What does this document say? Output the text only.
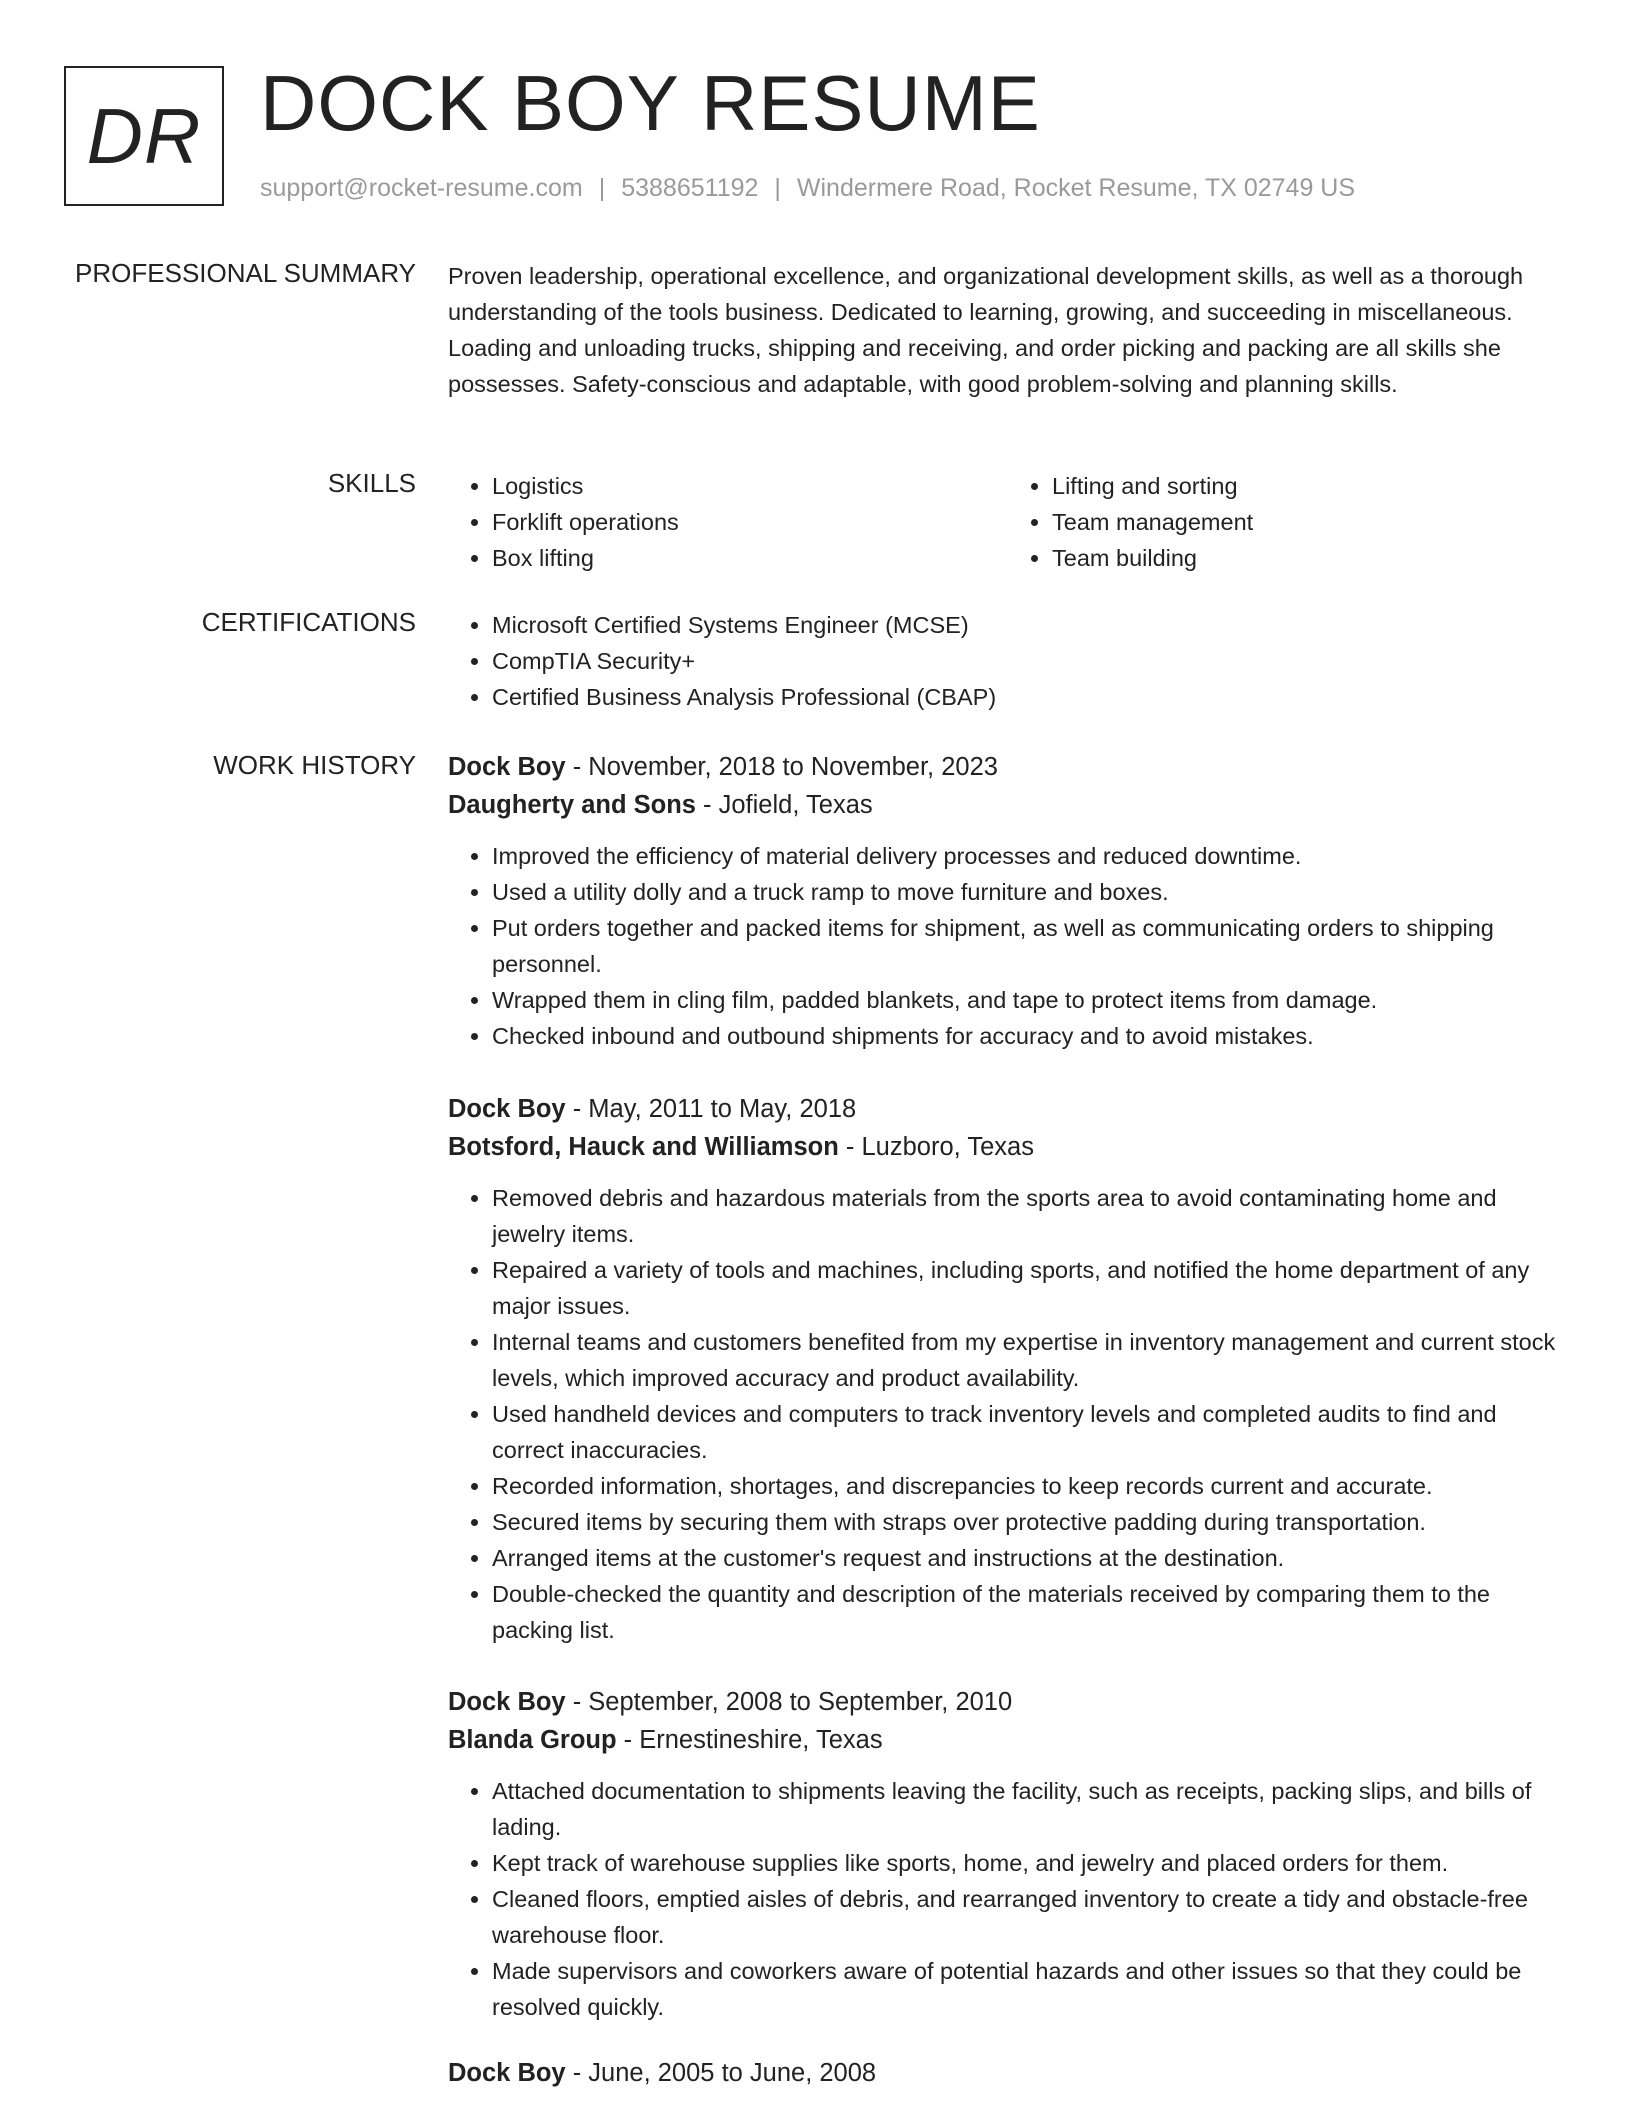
DR DOCK BOY RESUME
support@rocket-resume.com | 5388651192 | Windermere Road, Rocket Resume, TX 02749 US
PROFESSIONAL SUMMARY Proven leadership, operational excellence, and organizational development skills, as well as a thorough understanding of the tools business. Dedicated to learning, growing, and succeeding in miscellaneous. Loading and unloading trucks, shipping and receiving, and order picking and packing are all skills she possesses. Safety-conscious and adaptable, with good problem-solving and planning skills.

SKILLS	• Logistics
• Forklift operations
• Box lifting
• Lifting and sorting
• Team management
• Team building
CERTIFICATIONS	• Microsoft Certified Systems Engineer (MCSE)
• CompTIA Security+
• Certified Business Analysis Professional (CBAP)
WORK HISTORY Dock Boy - November, 2018 to November, 2023
Daugherty and Sons - Jofield, Texas
• Improved the efficiency of material delivery processes and reduced downtime.
• Used a utility dolly and a truck ramp to move furniture and boxes.
• Put orders together and packed items for shipment, as well as communicating orders to shipping personnel.
• Wrapped them in cling film, padded blankets, and tape to protect items from damage.
• Checked inbound and outbound shipments for accuracy and to avoid mistakes.
Dock Boy - May, 2011 to May, 2018
Botsford, Hauck and Williamson - Luzboro, Texas
• Removed debris and hazardous materials from the sports area to avoid contaminating home and jewelry items.
• Repaired a variety of tools and machines, including sports, and notified the home department of any major issues.
• Internal teams and customers benefited from my expertise in inventory management and current stock levels, which improved accuracy and product availability.
• Used handheld devices and computers to track inventory levels and completed audits to find and correct inaccuracies.
• Recorded information, shortages, and discrepancies to keep records current and accurate.
• Secured items by securing them with straps over protective padding during transportation.
• Arranged items at the customer's request and instructions at the destination.
• Double-checked the quantity and description of the materials received by comparing them to the packing list.
Dock Boy - September, 2008 to September, 2010
Blanda Group - Ernestineshire, Texas
• Attached documentation to shipments leaving the facility, such as receipts, packing slips, and bills of lading.
• Kept track of warehouse supplies like sports, home, and jewelry and placed orders for them.
• Cleaned floors, emptied aisles of debris, and rearranged inventory to create a tidy and obstacle-free warehouse floor.
• Made supervisors and coworkers aware of potential hazards and other issues so that they could be resolved quickly.
Dock Boy - June, 2005 to June, 2008
